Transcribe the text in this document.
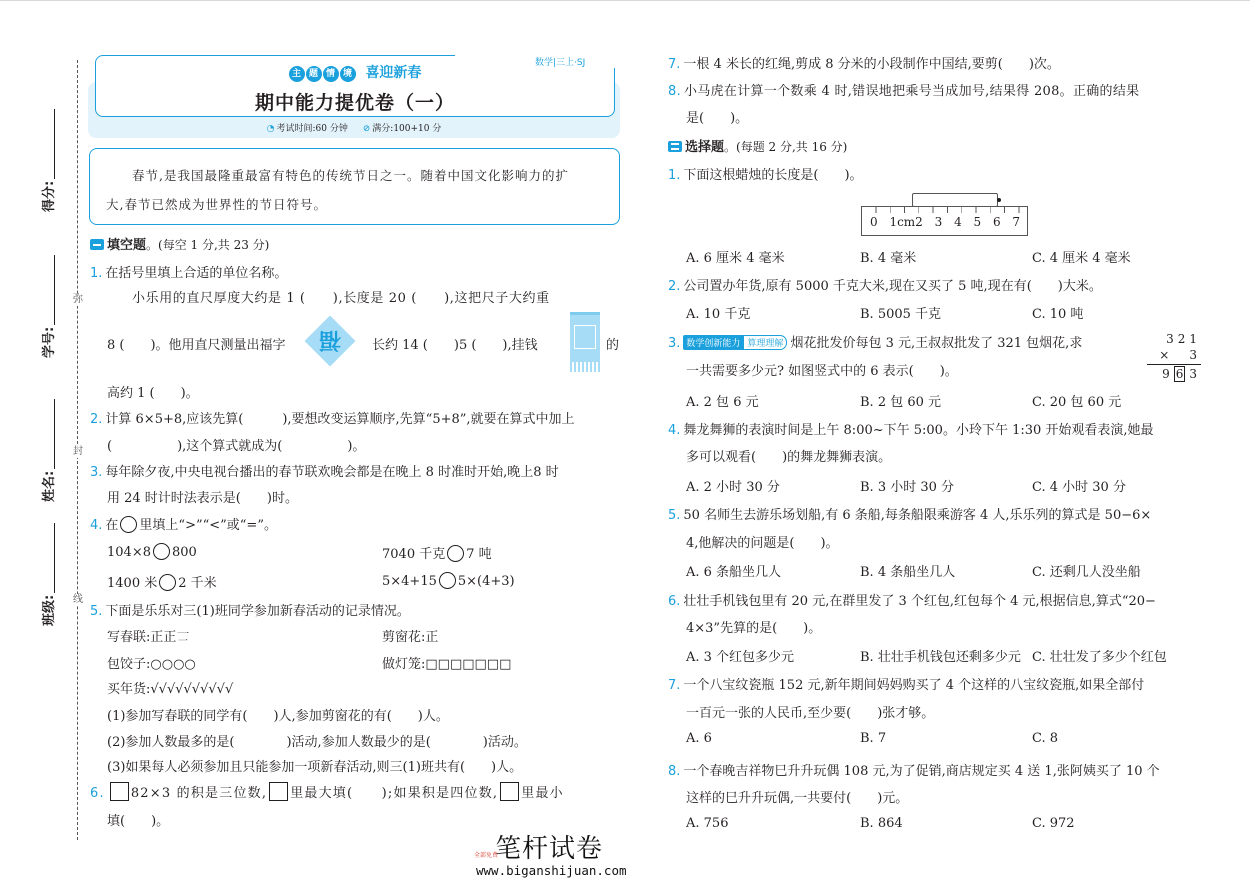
弥
封
线
得分:
学号:
姓名:
班级:
数学|三上·SJ
主 题 情 境 喜迎新春
期中能力提优卷（一）
◔ 考试时间:60 分钟 ⊘ 满分:100+10 分
春节,是我国最隆重最富有特色的传统节日之一。随着中国文化影响力的扩
大,春节已然成为世界性的节日符号。
填空题。(每空 1 分,共 23 分)
1. 在括号里填上合适的单位名称。
小乐用的直尺厚度大约是 1 (　　),长度是 20 (　　),这把尺子大约重
8 (　　)。他用直尺测量出福字	福	长约 14 (　　)5 (　　),挂钱	的
高约 1 (　　)。
2. 计算 6×5+8,应该先算(　　　),要想改变运算顺序,先算“5+8”,就要在算式中加上
(　　　　　),这个算式就成为(　　　　　)。
3. 每年除夕夜,中央电视台播出的春节联欢晚会都是在晚上 8 时准时开始,晚上8 时
用 24 时计时法表示是(　　)时。
4. 在 里填上“>”“<”或“=”。
104×8 800	7040 千克 7 吨
1400 米 2 千米	5×4+15 5×(4+3)
5. 下面是乐乐对三(1)班同学参加新春活动的记录情况。
写春联:正正𠄟	剪窗花:正
包饺子:○○○○	做灯笼:□□□□□□□
买年货:√√√√√√√√√√
(1)参加写春联的同学有(　　)人,参加剪窗花的有(　　)人。
(2)参加人数最多的是(　　　　)活动,参加人数最少的是(　　　　)活动。
(3)如果每人必须参加且只能参加一项新春活动,则三(1)班共有(　　)人。
6. 82×3 的积是三位数, 里最大填(　　);如果积是四位数, 里最小
填(　　)。
7. 一根 4 米长的红绳,剪成 8 分米的小段制作中国结,要剪(　　)次。
8. 小马虎在计算一个数乘 4 时,错误地把乘号当成加号,结果得 208。正确的结果
是(　　)。
选择题。(每题 2 分,共 16 分)
1. 下面这根蜡烛的长度是(　　)。
0 1cm2 3 4 5 6 7
A. 6 厘米 4 毫米	B. 4 毫米	C. 4 厘米 4 毫米
2. 公司置办年货,原有 5000 千克大米,现在又买了 5 吨,现在有(　　)大米。
A. 10 千克	B. 5005 千克	C. 10 吨
3. 数学创新能力 算理理解 烟花批发价每包 3 元,王叔叔批发了 321 包烟花,求
一共需要多少元? 如图竖式中的 6 表示(　　)。
321
×　3
9 6 3
A. 2 包 6 元	B. 2 包 60 元	C. 20 包 60 元
4. 舞龙舞狮的表演时间是上午 8:00~下午 5:00。小玲下午 1:30 开始观看表演,她最
多可以观看(　　)的舞龙舞狮表演。
A. 2 小时 30 分	B. 3 小时 30 分	C. 4 小时 30 分
5. 50 名师生去游乐场划船,有 6 条船,每条船限乘游客 4 人,乐乐列的算式是 50−6×
4,他解决的问题是(　　)。
A. 6 条船坐几人	B. 4 条船坐几人	C. 还剩几人没坐船
6. 壮壮手机钱包里有 20 元,在群里发了 3 个红包,红包每个 4 元,根据信息,算式“20−
4×3”先算的是(　　)。
A. 3 个红包多少元	B. 壮壮手机钱包还剩多少元 C. 壮壮发了多少个红包
7. 一个八宝纹瓷瓶 152 元,新年期间妈妈购买了 4 个这样的八宝纹瓷瓶,如果全部付
一百元一张的人民币,至少要(　　)张才够。
A. 6	B. 7	C. 8
8. 一个春晚吉祥物巳升升玩偶 108 元,为了促销,商店规定买 4 送 1,张阿姨买了 10 个
这样的巳升升玩偶,一共要付(　　)元。
A. 756	B. 864	C. 972
笔杆试卷
全部免费
www.biganshijuan.com
